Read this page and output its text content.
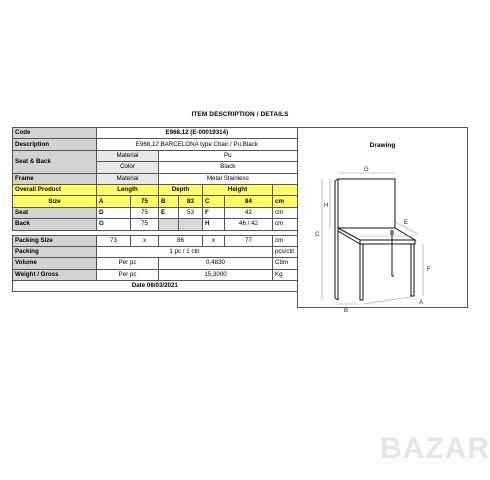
ITEM DESCRIPTION / DETAILS
Code	E968,12 (E-00019314)						
Description	E968,12 BARCELONA type Chair / Pu Black						
Seat & Back	Material		Pu				
	Color		Black				
Frame	Material		Metal Stainless				
Overall Product	Length		Depth		Height		
Size	A	75	B	83	C	84	cm
Seat	D	75	E	53	F	42	cm
Back	G	75			H	46 / 42	cm

Packing Size	73	x	86		x	77	cm
Packing	1 pc / 1 ctn						pcs/ctn
Volume	Per pc		0,4830				Cbm
Weight / Gross	Per pc		15,3000				Kg
Date 08/03/2021							
Drawing
G
H
C
E
D
F
B
A
BAZAR
